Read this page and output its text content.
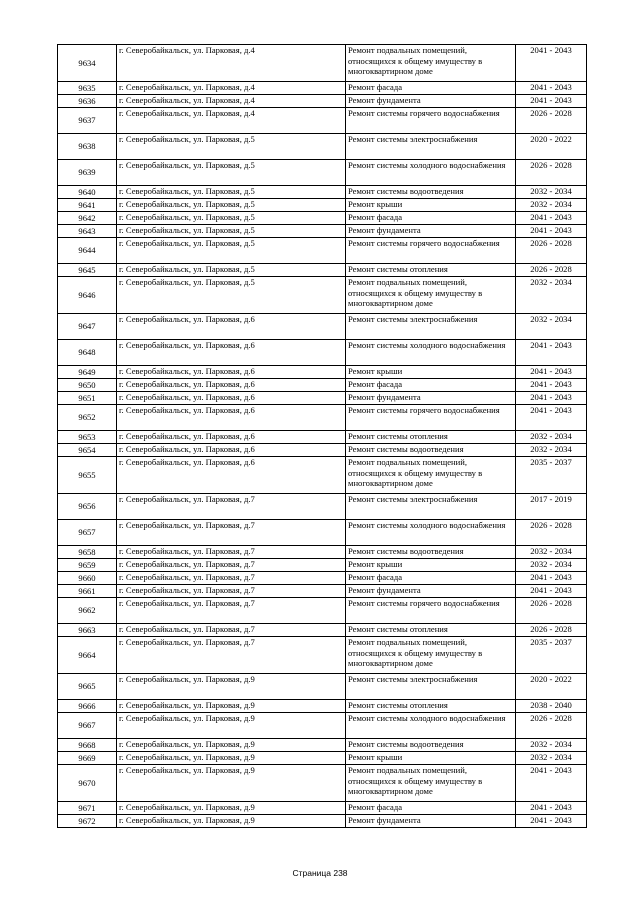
9634	г. Северобайкальск, ул. Парковая, д.4	Ремонт подвальных помещений, относящихся к общему имуществу в многоквартирном доме	2041 - 2043
9635	г. Северобайкальск, ул. Парковая, д.4	Ремонт фасада	2041 - 2043
9636	г. Северобайкальск, ул. Парковая, д.4	Ремонт фундамента	2041 - 2043
9637	г. Северобайкальск, ул. Парковая, д.4	Ремонт системы горячего водоснабжения	2026 - 2028
9638	г. Северобайкальск, ул. Парковая, д.5	Ремонт системы электроснабжения	2020 - 2022
9639	г. Северобайкальск, ул. Парковая, д.5	Ремонт системы холодного водоснабжения	2026 - 2028
9640	г. Северобайкальск, ул. Парковая, д.5	Ремонт системы водоотведения	2032 - 2034
9641	г. Северобайкальск, ул. Парковая, д.5	Ремонт крыши	2032 - 2034
9642	г. Северобайкальск, ул. Парковая, д.5	Ремонт фасада	2041 - 2043
9643	г. Северобайкальск, ул. Парковая, д.5	Ремонт фундамента	2041 - 2043
9644	г. Северобайкальск, ул. Парковая, д.5	Ремонт системы горячего водоснабжения	2026 - 2028
9645	г. Северобайкальск, ул. Парковая, д.5	Ремонт системы отопления	2026 - 2028
9646	г. Северобайкальск, ул. Парковая, д.5	Ремонт подвальных помещений, относящихся к общему имуществу в многоквартирном доме	2032 - 2034
9647	г. Северобайкальск, ул. Парковая, д.6	Ремонт системы электроснабжения	2032 - 2034
9648	г. Северобайкальск, ул. Парковая, д.6	Ремонт системы холодного водоснабжения	2041 - 2043
9649	г. Северобайкальск, ул. Парковая, д.6	Ремонт крыши	2041 - 2043
9650	г. Северобайкальск, ул. Парковая, д.6	Ремонт фасада	2041 - 2043
9651	г. Северобайкальск, ул. Парковая, д.6	Ремонт фундамента	2041 - 2043
9652	г. Северобайкальск, ул. Парковая, д.6	Ремонт системы горячего водоснабжения	2041 - 2043
9653	г. Северобайкальск, ул. Парковая, д.6	Ремонт системы отопления	2032 - 2034
9654	г. Северобайкальск, ул. Парковая, д.6	Ремонт системы водоотведения	2032 - 2034
9655	г. Северобайкальск, ул. Парковая, д.6	Ремонт подвальных помещений, относящихся к общему имуществу в многоквартирном доме	2035 - 2037
9656	г. Северобайкальск, ул. Парковая, д.7	Ремонт системы электроснабжения	2017 - 2019
9657	г. Северобайкальск, ул. Парковая, д.7	Ремонт системы холодного водоснабжения	2026 - 2028
9658	г. Северобайкальск, ул. Парковая, д.7	Ремонт системы водоотведения	2032 - 2034
9659	г. Северобайкальск, ул. Парковая, д.7	Ремонт крыши	2032 - 2034
9660	г. Северобайкальск, ул. Парковая, д.7	Ремонт фасада	2041 - 2043
9661	г. Северобайкальск, ул. Парковая, д.7	Ремонт фундамента	2041 - 2043
9662	г. Северобайкальск, ул. Парковая, д.7	Ремонт системы горячего водоснабжения	2026 - 2028
9663	г. Северобайкальск, ул. Парковая, д.7	Ремонт системы отопления	2026 - 2028
9664	г. Северобайкальск, ул. Парковая, д.7	Ремонт подвальных помещений, относящихся к общему имуществу в многоквартирном доме	2035 - 2037
9665	г. Северобайкальск, ул. Парковая, д.9	Ремонт системы электроснабжения	2020 - 2022
9666	г. Северобайкальск, ул. Парковая, д.9	Ремонт системы отопления	2038 - 2040
9667	г. Северобайкальск, ул. Парковая, д.9	Ремонт системы холодного водоснабжения	2026 - 2028
9668	г. Северобайкальск, ул. Парковая, д.9	Ремонт системы водоотведения	2032 - 2034
9669	г. Северобайкальск, ул. Парковая, д.9	Ремонт крыши	2032 - 2034
9670	г. Северобайкальск, ул. Парковая, д.9	Ремонт подвальных помещений, относящихся к общему имуществу в многоквартирном доме	2041 - 2043
9671	г. Северобайкальск, ул. Парковая, д.9	Ремонт фасада	2041 - 2043
9672	г. Северобайкальск, ул. Парковая, д.9	Ремонт фундамента	2041 - 2043
Страница 238
